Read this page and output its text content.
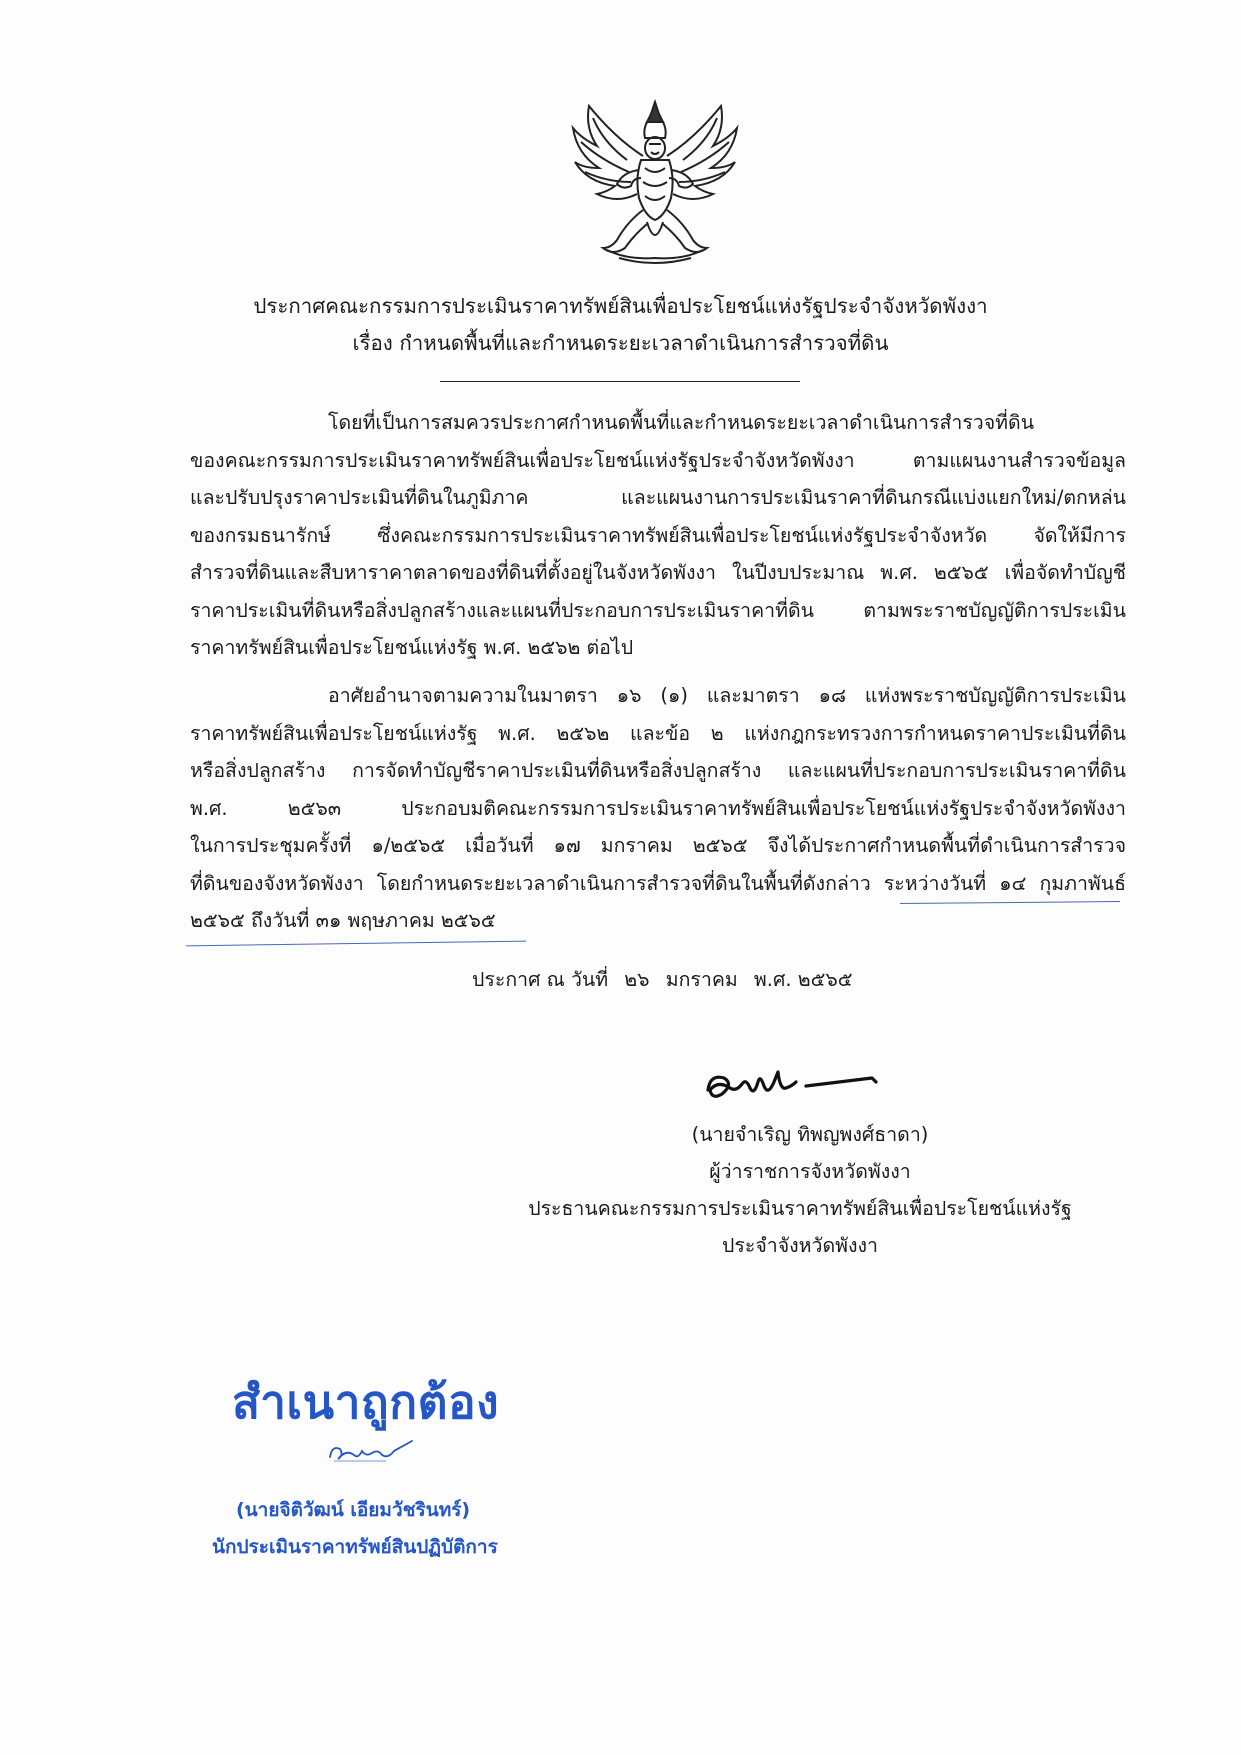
ประกาศคณะกรรมการประเมินราคาทรัพย์สินเพื่อประโยชน์แห่งรัฐประจำจังหวัดพังงา
เรื่อง กำหนดพื้นที่และกำหนดระยะเวลาดำเนินการสำรวจที่ดิน
โดยที่เป็นการสมควรประกาศกำหนดพื้นที่และกำหนดระยะเวลาดำเนินการสำรวจที่ดิน
ของคณะกรรมการประเมินราคาทรัพย์สินเพื่อประโยชน์แห่งรัฐประจำจังหวัดพังงา ตามแผนงานสำรวจข้อมูล
และปรับปรุงราคาประเมินที่ดินในภูมิภาค และแผนงานการประเมินราคาที่ดินกรณีแบ่งแยกใหม่/ตกหล่น
ของกรมธนารักษ์ ซึ่งคณะกรรมการประเมินราคาทรัพย์สินเพื่อประโยชน์แห่งรัฐประจำจังหวัด จัดให้มีการ
สำรวจที่ดินและสืบหาราคาตลาดของที่ดินที่ตั้งอยู่ในจังหวัดพังงา ในปีงบประมาณ พ.ศ. ๒๕๖๕ เพื่อจัดทำบัญชี
ราคาประเมินที่ดินหรือสิ่งปลูกสร้างและแผนที่ประกอบการประเมินราคาที่ดิน ตามพระราชบัญญัติการประเมิน
ราคาทรัพย์สินเพื่อประโยชน์แห่งรัฐ พ.ศ. ๒๕๖๒ ต่อไป
อาศัยอำนาจตามความในมาตรา ๑๖ (๑) และมาตรา ๑๘ แห่งพระราชบัญญัติการประเมิน
ราคาทรัพย์สินเพื่อประโยชน์แห่งรัฐ พ.ศ. ๒๕๖๒ และข้อ ๒ แห่งกฎกระทรวงการกำหนดราคาประเมินที่ดิน
หรือสิ่งปลูกสร้าง การจัดทำบัญชีราคาประเมินที่ดินหรือสิ่งปลูกสร้าง และแผนที่ประกอบการประเมินราคาที่ดิน
พ.ศ. ๒๕๖๓ ประกอบมติคณะกรรมการประเมินราคาทรัพย์สินเพื่อประโยชน์แห่งรัฐประจำจังหวัดพังงา
ในการประชุมครั้งที่ ๑/๒๕๖๕ เมื่อวันที่ ๑๗ มกราคม ๒๕๖๕ จึงได้ประกาศกำหนดพื้นที่ดำเนินการสำรวจ
ที่ดินของจังหวัดพังงา โดยกำหนดระยะเวลาดำเนินการสำรวจที่ดินในพื้นที่ดังกล่าว ระหว่างวันที่ ๑๔ กุมภาพันธ์
๒๕๖๕ ถึงวันที่ ๓๑ พฤษภาคม ๒๕๖๕
ประกาศ ณ วันที่ ๒๖ มกราคม พ.ศ. ๒๕๖๕
(นายจำเริญ ทิพญพงศ์ธาดา)
ผู้ว่าราชการจังหวัดพังงา
ประธานคณะกรรมการประเมินราคาทรัพย์สินเพื่อประโยชน์แห่งรัฐ
ประจำจังหวัดพังงา
สำเนาถูกต้อง
(นายจิติวัฒน์ เอียมวัชรินทร์)
นักประเมินราคาทรัพย์สินปฏิบัติการ
